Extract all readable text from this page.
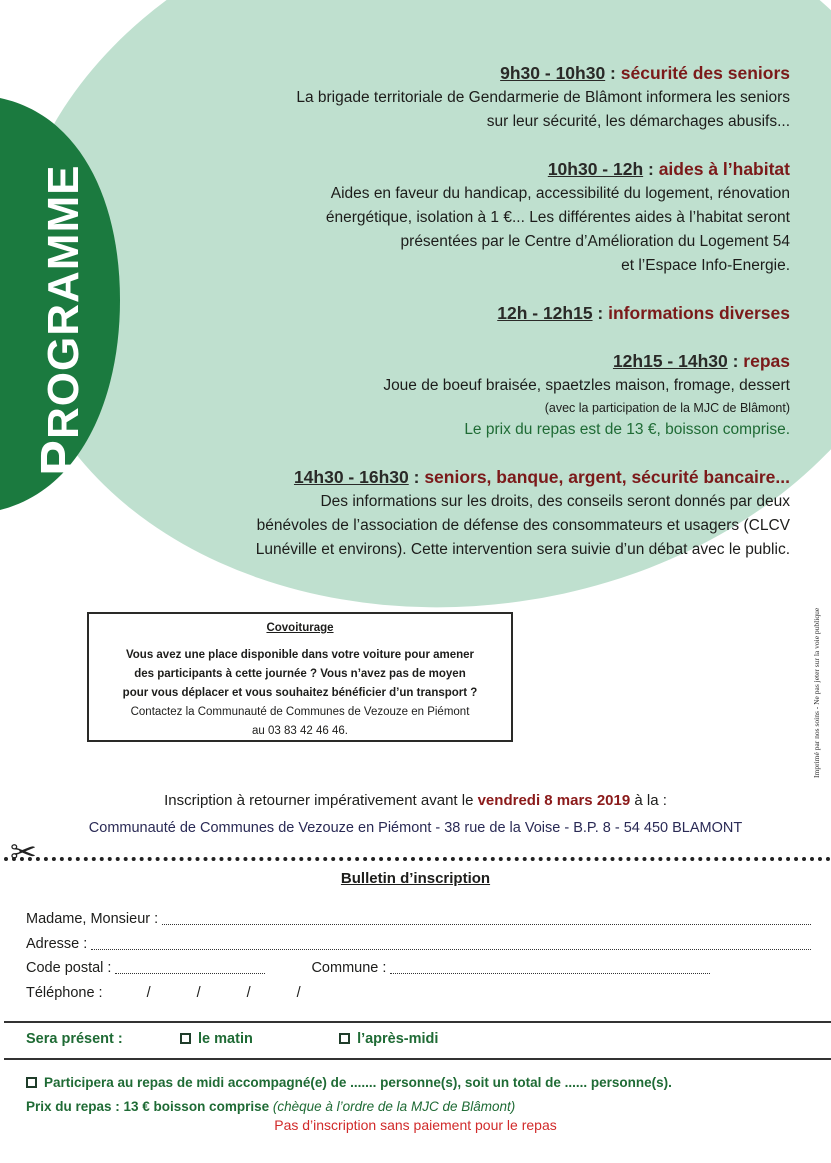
PROGRAMME
9h30 - 10h30 : sécurité des seniors
La brigade territoriale de Gendarmerie de Blâmont informera les seniors
sur leur sécurité, les démarchages abusifs...
10h30 - 12h : aides à l’habitat
Aides en faveur du handicap, accessibilité du logement, rénovation
énergétique, isolation à 1 €... Les différentes aides à l’habitat seront
présentées par le Centre d’Amélioration du Logement 54
et l’Espace Info-Energie.
12h - 12h15 : informations diverses
12h15 - 14h30 : repas
Joue de boeuf braisée, spaetzles maison, fromage, dessert
(avec la participation de la MJC de Blâmont)
Le prix du repas est de 13 €, boisson comprise.
14h30 - 16h30 : seniors, banque, argent, sécurité bancaire...
Des informations sur les droits, des conseils seront donnés par deux
bénévoles de l’association de défense des consommateurs et usagers (CLCV
Lunéville et environs). Cette intervention sera suivie d’un débat avec le public.
Covoiturage
Vous avez une place disponible dans votre voiture pour amener
des participants à cette journée ? Vous n’avez pas de moyen
pour vous déplacer et vous souhaitez bénéficier d’un transport ?
Contactez la Communauté de Communes de Vezouze en Piémont
au 03 83 42 46 46.	Imprimé par nos soins - Ne pas jeter sur la voie publique
Inscription à retourner impérativement avant le vendredi 8 mars 2019 à la :
Communauté de Communes de Vezouze en Piémont - 38 rue de la Voise - B.P. 8 - 54 450 BLAMONT
✂
Bulletin d’inscription
Madame, Monsieur :
Adresse :
Code postal :	Commune :
Téléphone :	/	/	/	/
Sera présent :	le matin	l’après-midi
Participera au repas de midi accompagné(e) de ....... personne(s), soit un total de ...... personne(s).
Prix du repas : 13 € boisson comprise (chèque à l’ordre de la MJC de Blâmont)
Pas d’inscription sans paiement pour le repas
